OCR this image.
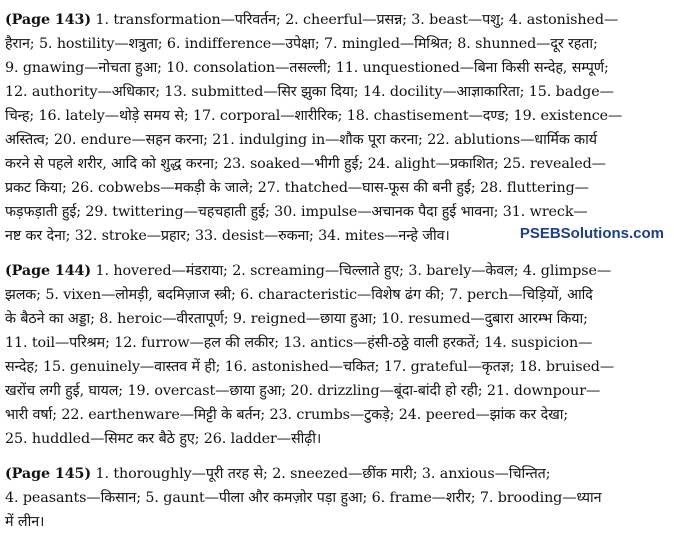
(Page 143) 1. transformation—परिवर्तन; 2. cheerful—प्रसन्न; 3. beast—पशु; 4. astonished—
हैरान; 5. hostility—शत्रुता; 6. indifference—उपेक्षा; 7. mingled—मिश्रित; 8. shunned—दूर रहता;
9. gnawing—नोचता हुआ; 10. consolation—तसल्ली; 11. unquestioned—बिना किसी सन्देह, सम्पूर्ण;
12. authority—अधिकार; 13. submitted—सिर झुका दिया; 14. docility—आज्ञाकारिता; 15. badge—
चिन्ह; 16. lately—थोड़े समय से; 17. corporal—शारीरिक; 18. chastisement—दण्ड; 19. existence—
अस्तित्व; 20. endure—सहन करना; 21. indulging in—शौक पूरा करना; 22. ablutions—धार्मिक कार्य
करने से पहले शरीर, आदि को शुद्ध करना; 23. soaked—भीगी हुई; 24. alight—प्रकाशित; 25. revealed—
प्रकट किया; 26. cobwebs—मकड़ी के जाले; 27. thatched—घास-फूस की बनी हुई; 28. fluttering—
फड़फड़ाती हुई; 29. twittering—चहचहाती हुई; 30. impulse—अचानक पैदा हुई भावना; 31. wreck—
नष्ट कर देना; 32. stroke—प्रहार; 33. desist—रुकना; 34. mites—नन्हे जीव।

(Page 144) 1. hovered—मंडराया; 2. screaming—चिल्लाते हुए; 3. barely—केवल; 4. glimpse—
झलक; 5. vixen—लोमड़ी, बदमिज़ाज स्त्री; 6. characteristic—विशेष ढंग की; 7. perch—चिड़ियों, आदि
के बैठने का अड्डा; 8. heroic—वीरतापूर्ण; 9. reigned—छाया हुआ; 10. resumed—दुबारा आरम्भ किया;
11. toil—परिश्रम; 12. furrow—हल की लकीर; 13. antics—हंसी-ठठ्ठे वाली हरकतें; 14. suspicion—
सन्देह; 15. genuinely—वास्तव में ही; 16. astonished—चकित; 17. grateful—कृतज्ञ; 18. bruised—
खरोंच लगी हुई, घायल; 19. overcast—छाया हुआ; 20. drizzling—बूंदा-बांदी हो रही; 21. downpour—
भारी वर्षा; 22. earthenware—मिट्टी के बर्तन; 23. crumbs—टुकड़े; 24. peered—झांक कर देखा;
25. huddled—सिमट कर बैठे हुए; 26. ladder—सीढ़ी।

(Page 145) 1. thoroughly—पूरी तरह से; 2. sneezed—छींक मारी; 3. anxious—चिन्तित;
4. peasants—किसान; 5. gaunt—पीला और कमज़ोर पड़ा हुआ; 6. frame—शरीर; 7. brooding—ध्यान
में लीन।

PSEBSolutions.com
